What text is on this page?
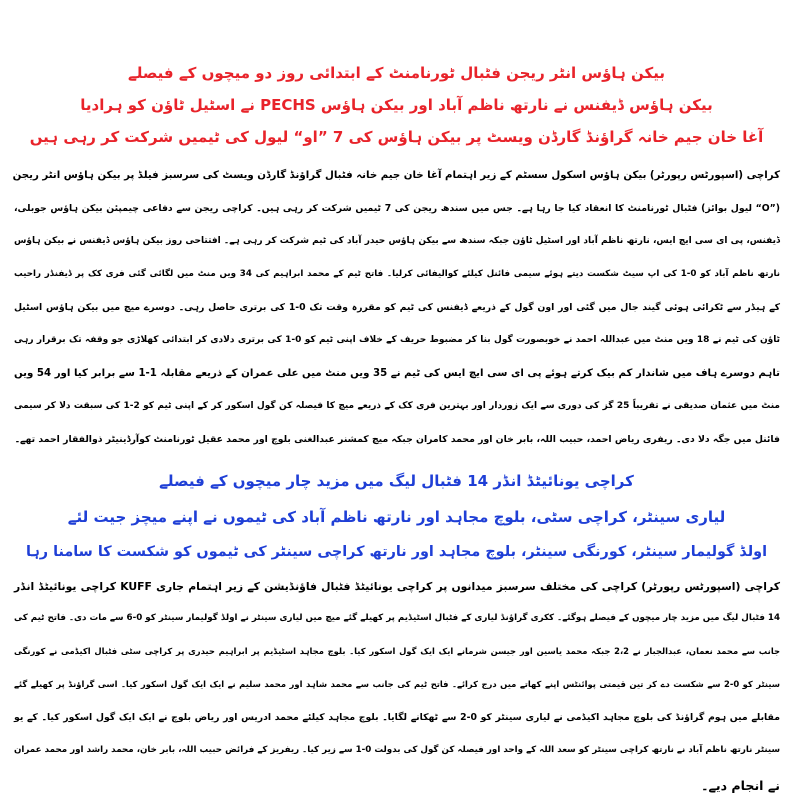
بیکن ہاؤس انٹر ریجن فٹبال ٹورنامنٹ کے ابتدائی روز دو میچوں کے فیصلے
بیکن ہاؤس ڈیفنس نے نارتھ ناظم آباد اور بیکن ہاؤس PECHS نے اسٹیل ٹاؤن کو ہرادیا
آغا خان جیم خانہ گراؤنڈ گارڈن ویسٹ پر بیکن ہاؤس کی 7 ”او“ لیول کی ٹیمیں شرکت کر رہی ہیں
کراچی (اسپورٹس رپورٹر) بیکن ہاؤس اسکول سسٹم کے زیر اہتمام آغا خان جیم خانہ فٹبال گراؤنڈ گارڈن ویسٹ کی سرسبز فیلڈ پر بیکن ہاؤس انٹر ریجن
(”O“ لیول بوائز) فٹبال ٹورنامنٹ کا انعقاد کیا جا رہا ہے۔ جس میں سندھ ریجن کی 7 ٹیمیں شرکت کر رہی ہیں۔ کراچی ریجن سے دفاعی چیمپئن بیکن ہاؤس جوبلی،
ڈیفنس، پی ای سی ایچ ایس، نارتھ ناظم آباد اور اسٹیل ٹاؤن جبکہ سندھ سے بیکن ہاؤس حیدر آباد کی ٹیم شرکت کر رہی ہے۔ افتتاحی روز بیکن ہاؤس ڈیفنس نے بیکن ہاؤس
نارتھ ناظم آباد کو 0-1 کی اپ سیٹ شکست دیتے ہوئے سیمی فائنل کیلئے کوالیفائی کرلیا۔ فاتح ٹیم کے محمد ابراہیم کی 34 ویں منٹ میں لگائی گئی فری کک پر ڈیفنڈر راحیب
کے ہیڈر سے ٹکرائی ہوئی گیند جال میں گئی اور اون گول کے ذریعے ڈیفنس کی ٹیم کو مقررہ وقت تک 0-1 کی برتری حاصل رہی۔ دوسرے میچ میں بیکن ہاؤس اسٹیل
ٹاؤن کی ٹیم نے 18 ویں منٹ میں عبداللہ احمد نے خوبصورت گول بنا کر مضبوط حریف کے خلاف اپنی ٹیم کو 0-1 کی برتری دلادی کر ابتدائی کھلاڑی جو وقفہ تک برقرار رہی
تاہم دوسرے ہاف میں شاندار کم بیک کرتے ہوئے پی ای سی ایچ ایس کی ٹیم نے 35 ویں منٹ میں علی عمران کے ذریعے مقابلہ 1-1 سے برابر کیا اور 54 ویں
منٹ میں عثمان صدیقی نے تقریباً 25 گز کی دوری سے ایک زوردار اور بہترین فری کک کے ذریعے میچ کا فیصلہ کن گول اسکور کر کے اپنی ٹیم کو 2-1 کی سبقت دلا کر سیمی
فائنل میں جگہ دلا دی۔ ریفری ریاض احمد، حبیب اللہ، بابر خان اور محمد کامران جبکہ میچ کمشنر عبدالغنی بلوچ اور محمد عقیل ٹورنامنٹ کوآرڈینیٹر ذوالفقار احمد تھے۔
کراچی یونائیٹڈ انڈر 14 فٹبال لیگ میں مزید چار میچوں کے فیصلے
لیاری سینٹر، کراچی سٹی، بلوچ مجاہد اور نارتھ ناظم آباد کی ٹیموں نے اپنے میچز جیت لئے
اولڈ گولیمار سینٹر، کورنگی سینٹر، بلوچ مجاہد اور نارتھ کراچی سینٹر کی ٹیموں کو شکست کا سامنا رہا
کراچی (اسپورٹس رپورٹر) کراچی کی مختلف سرسبز میدانوں پر کراچی یونائیٹڈ فٹبال فاؤنڈیشن کے زیر اہتمام جاری KUFF کراچی یونائیٹڈ انڈر
14 فٹبال لیگ میں مزید چار میچوں کے فیصلے ہوگئے۔ ککری گراؤنڈ لیاری کے فٹبال اسٹیڈیم پر کھیلے گئے میچ میں لیاری سینٹر نے اولڈ گولیمار سینٹر کو 0-6 سے مات دی۔ فاتح ٹیم کی
جانب سے محمد نعمان، عبدالجبار نے 2،2 جبکہ محمد یاسین اور جیسن شرمانے ایک ایک گول اسکور کیا۔ بلوچ مجاہد اسٹیڈیم پر ابراہیم حیدری پر کراچی سٹی فٹبال اکیڈمی نے کورنگی
سینٹر کو 0-2 سے شکست دے کر تین قیمتی پوائنٹس اپنے کھاتے میں درج کرائے۔ فاتح ٹیم کی جانب سے محمد شاہد اور محمد سلیم نے ایک ایک گول اسکور کیا۔ اسی گراؤنڈ پر کھیلے گئے
مقابلے میں ہوم گراؤنڈ کی بلوچ مجاہد اکیڈمی نے لیاری سینٹر کو 0-2 سے ٹھکانے لگایا۔ بلوچ مجاہد کیلئے محمد ادریس اور ریاض بلوچ نے ایک ایک گول اسکور کیا۔ کے یو
سینٹر نارتھ ناظم آباد نے نارتھ کراچی سینٹر کو سعد اللہ کے واحد اور فیصلہ کن گول کی بدولت 0-1 سے زیر کیا۔ ریفریز کے فرائض حبیب اللہ، بابر خان، محمد راشد اور محمد عمران
نے انجام دیے۔
